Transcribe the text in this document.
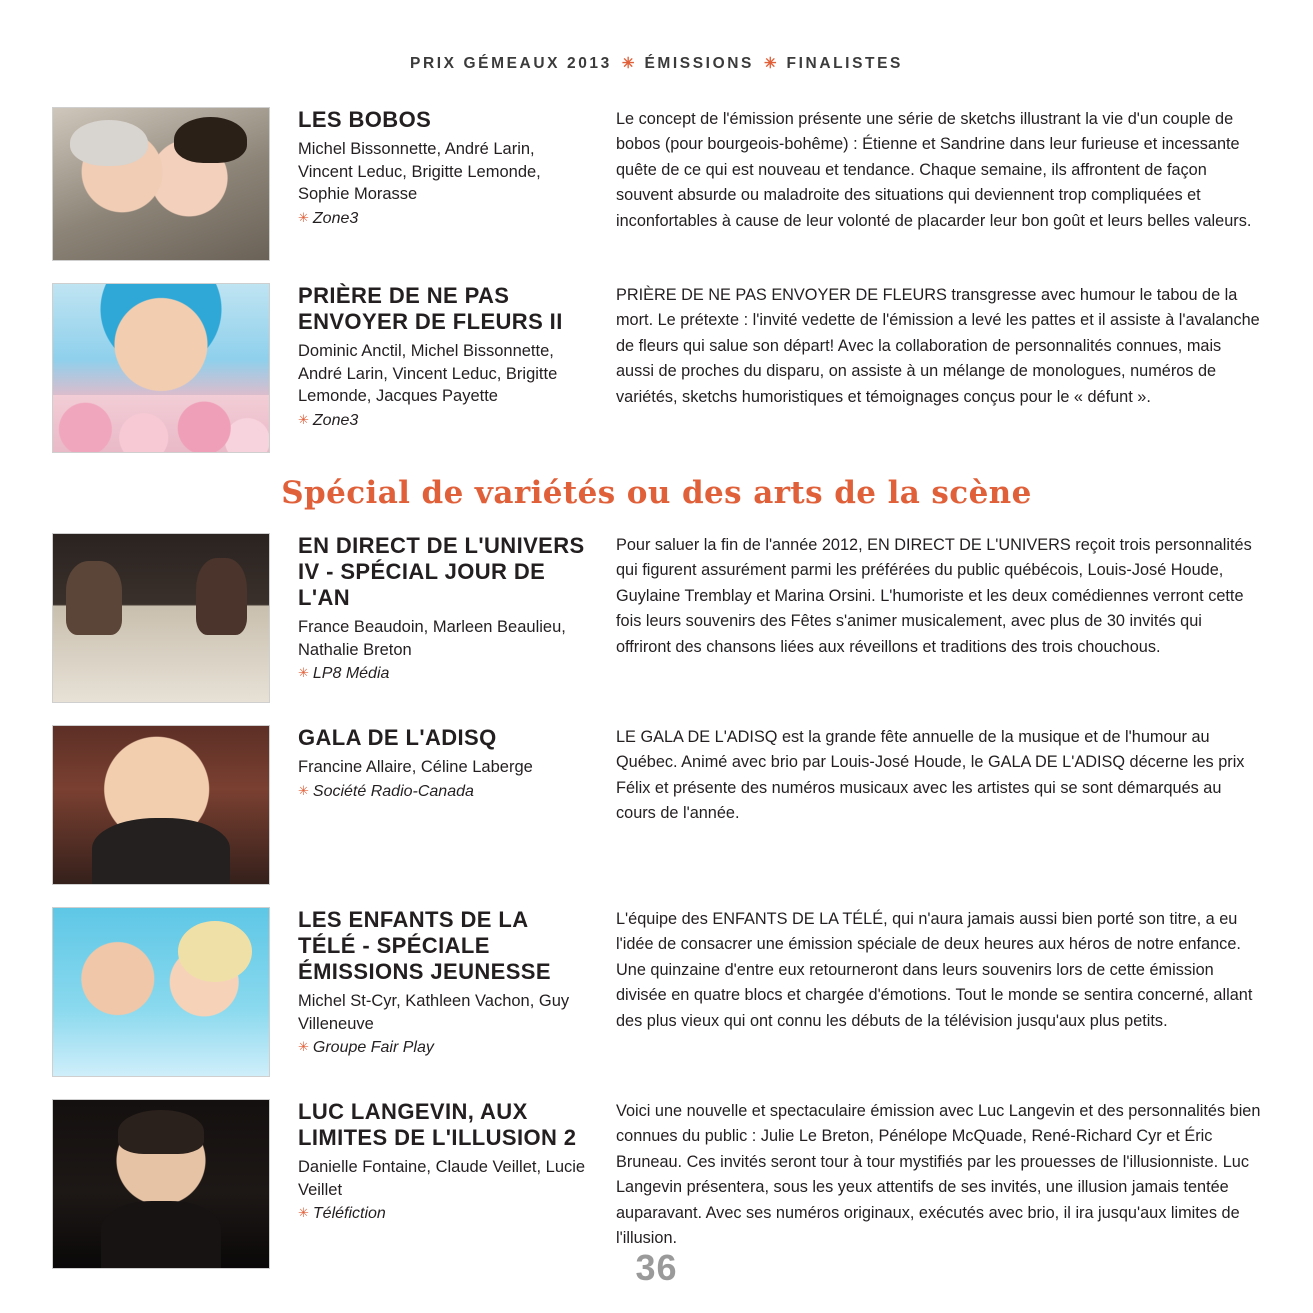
PRIX GÉMEAUX 2013 ✳ ÉMISSIONS ✳ FINALISTES
LES BOBOS
Michel Bissonnette, André Larin, Vincent Leduc, Brigitte Lemonde, Sophie Morasse
✳ Zone3
Le concept de l'émission présente une série de sketchs illustrant la vie d'un couple de bobos (pour bourgeois-bohême) : Étienne et Sandrine dans leur furieuse et incessante quête de ce qui est nouveau et tendance. Chaque semaine, ils affrontent de façon souvent absurde ou maladroite des situations qui deviennent trop compliquées et inconfortables à cause de leur volonté de placarder leur bon goût et leurs belles valeurs.
PRIÈRE DE NE PAS ENVOYER DE FLEURS II
Dominic Anctil, Michel Bissonnette, André Larin, Vincent Leduc, Brigitte Lemonde, Jacques Payette
✳ Zone3
PRIÈRE DE NE PAS ENVOYER DE FLEURS transgresse avec humour le tabou de la mort. Le prétexte : l'invité vedette de l'émission a levé les pattes et il assiste à l'avalanche de fleurs qui salue son départ! Avec la collaboration de personnalités connues, mais aussi de proches du disparu, on assiste à un mélange de monologues, numéros de variétés, sketchs humoristiques et témoignages conçus pour le « défunt ».
Spécial de variétés ou des arts de la scène
EN DIRECT DE L'UNIVERS IV - SPÉCIAL JOUR DE L'AN
France Beaudoin, Marleen Beaulieu, Nathalie Breton
✳ LP8 Média
Pour saluer la fin de l'année 2012, EN DIRECT DE L'UNIVERS reçoit trois personnalités qui figurent assurément parmi les préférées du public québécois, Louis-José Houde, Guylaine Tremblay et Marina Orsini. L'humoriste et les deux comédiennes verront cette fois leurs souvenirs des Fêtes s'animer musicalement, avec plus de 30 invités qui offriront des chansons liées aux réveillons et traditions des trois chouchous.
GALA DE L'ADISQ
Francine Allaire, Céline Laberge
✳ Société Radio-Canada
LE GALA DE L'ADISQ est la grande fête annuelle de la musique et de l'humour au Québec. Animé avec brio par Louis-José Houde, le GALA DE L'ADISQ décerne les prix Félix et présente des numéros musicaux avec les artistes qui se sont démarqués au cours de l'année.
LES ENFANTS DE LA TÉLÉ - SPÉCIALE ÉMISSIONS JEUNESSE
Michel St-Cyr, Kathleen Vachon, Guy Villeneuve
✳ Groupe Fair Play
L'équipe des ENFANTS DE LA TÉLÉ, qui n'aura jamais aussi bien porté son titre, a eu l'idée de consacrer une émission spéciale de deux heures aux héros de notre enfance. Une quinzaine d'entre eux retourneront dans leurs souvenirs lors de cette émission divisée en quatre blocs et chargée d'émotions. Tout le monde se sentira concerné, allant des plus vieux qui ont connu les débuts de la télévision jusqu'aux plus petits.
LUC LANGEVIN, AUX LIMITES DE L'ILLUSION 2
Danielle Fontaine, Claude Veillet, Lucie Veillet
✳ Téléfiction
Voici une nouvelle et spectaculaire émission avec Luc Langevin et des personnalités bien connues du public : Julie Le Breton, Pénélope McQuade, René-Richard Cyr et Éric Bruneau. Ces invités seront tour à tour mystifiés par les prouesses de l'illusionniste. Luc Langevin présentera, sous les yeux attentifs de ses invités, une illusion jamais tentée auparavant. Avec ses numéros originaux, exécutés avec brio, il ira jusqu'aux limites de l'illusion.
36
